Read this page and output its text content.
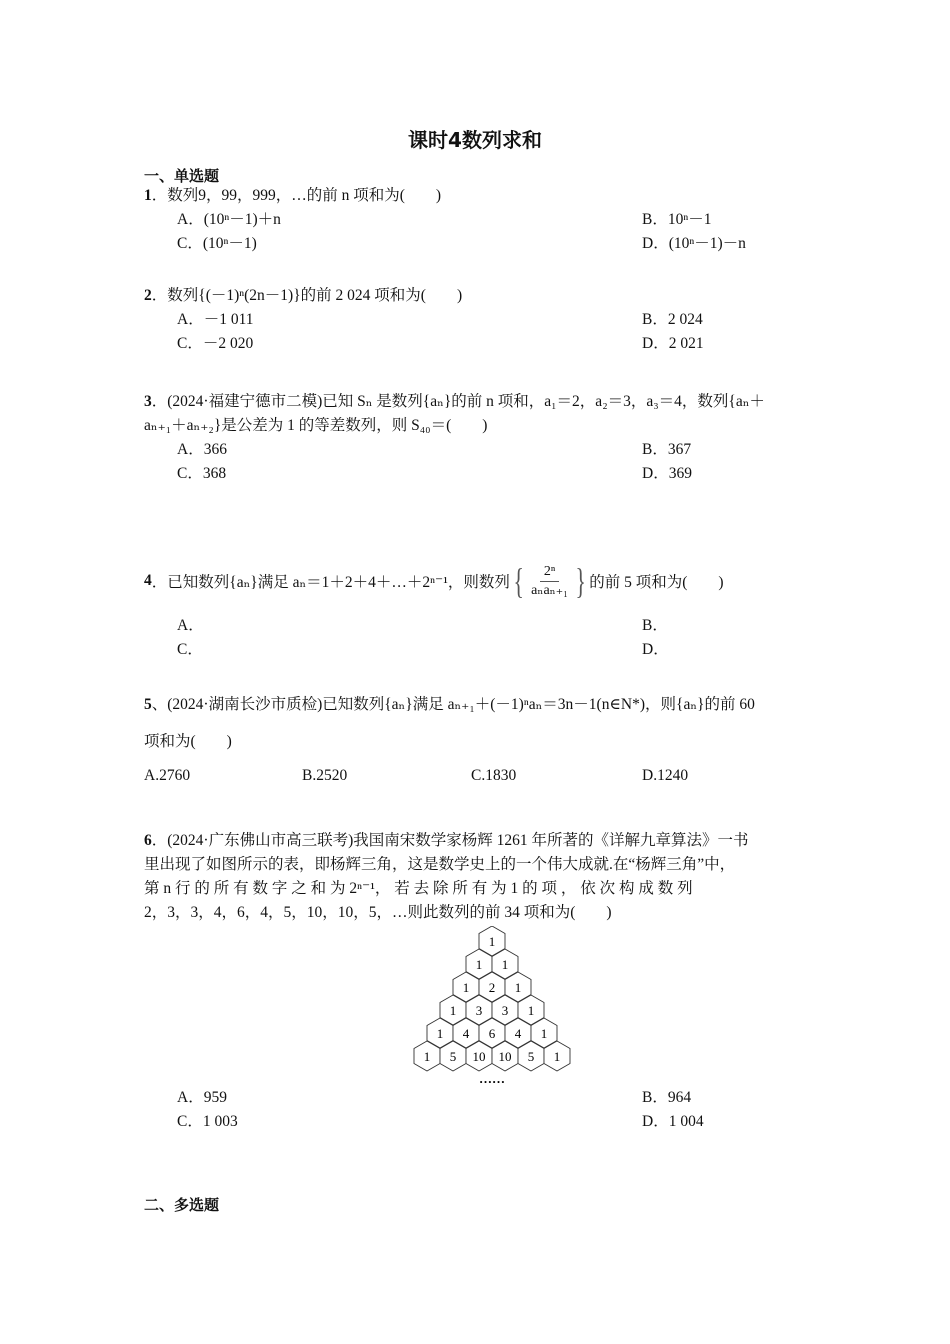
课时4数列求和
一、单选题
1．数列9，99，999，…的前 n 项和为(　　)
A．(10ⁿ－1)＋n	B．10ⁿ－1
C．(10ⁿ－1)	D．(10ⁿ－1)－n
2．数列{(－1)ⁿ(2n－1)}的前 2 024 项和为(　　)
A．－1 011	B．2 024
C．－2 020	D．2 021
3．(2024·福建宁德市二模)已知 Sₙ 是数列{aₙ}的前 n 项和，a₁＝2，a₂＝3，a₃＝4，数列{aₙ＋
aₙ₊₁＋aₙ₊₂}是公差为 1 的等差数列，则 S₄₀＝(　　)
A．366	B．367
C．368	D．369
4 ．已知数列{aₙ}满足 aₙ＝1＋2＋4＋…＋2ⁿ⁻¹，则数列 { $\frac{\text{2ⁿ}}{\text{aₙaₙ₊₁}}$ } 的前 5 项和为(　　)
A．	B．
C．	D．
5、(2024·湖南长沙市质检)已知数列{aₙ}满足 aₙ₊₁＋(－1)ⁿaₙ＝3n－1(n∈N*)，则{aₙ}的前 60
项和为(　　)
A.2760	B.2520	C.1830	D.1240
6．(2024·广东佛山市高三联考)我国南宋数学家杨辉 1261 年所著的《详解九章算法》一书
里出现了如图所示的表，即杨辉三角，这是数学史上的一个伟大成就.在“杨辉三角”中，
第 n 行 的 所 有 数 字 之 和 为 2ⁿ⁻¹， 若 去 除 所 有 为 1 的 项 ， 依 次 构 成 数 列
2，3，3，4，6，4，5，10，10，5，…则此数列的前 34 项和为(　　)
1
1 1
1 2 1
1 3 3 1
1 4 6 4 1
1 5 10 10 5 1
……
A．959	B．964
C．1 003	D．1 004
二、多选题
